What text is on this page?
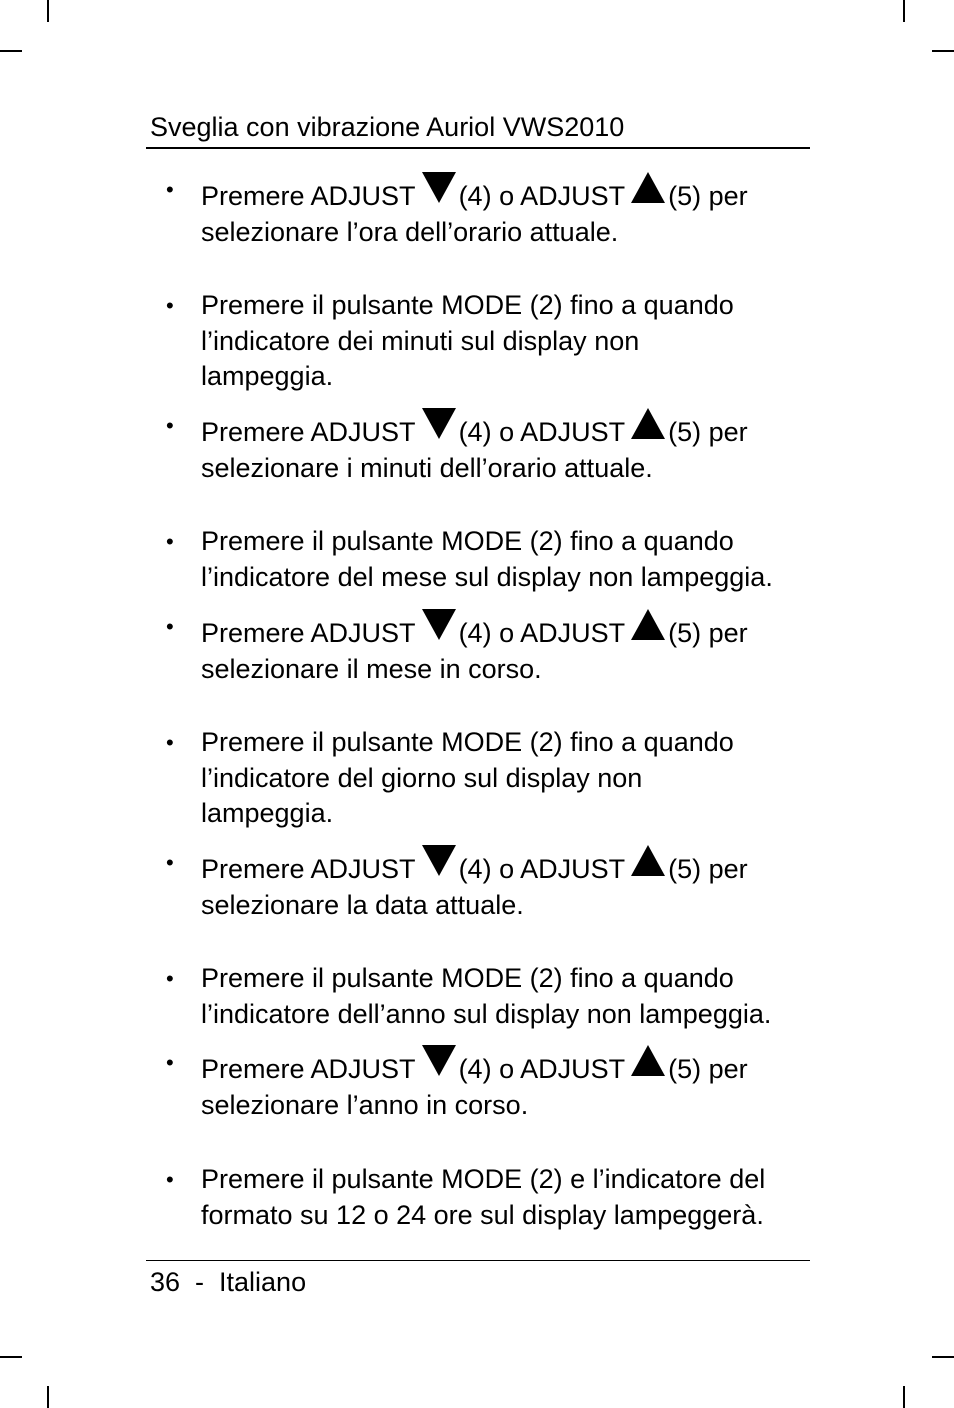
Sveglia con vibrazione Auriol VWS2010
• Premere ADJUST (4) o ADJUST (5) per
selezionare l’ora dell’orario attuale.
• Premere il pulsante MODE (2) fino a quando
l’indicatore dei minuti sul display non
lampeggia.
• Premere ADJUST (4) o ADJUST (5) per
selezionare i minuti dell’orario attuale.
• Premere il pulsante MODE (2) fino a quando
l’indicatore del mese sul display non lampeggia.
• Premere ADJUST (4) o ADJUST (5) per
selezionare il mese in corso.
• Premere il pulsante MODE (2) fino a quando
l’indicatore del giorno sul display non
lampeggia.
• Premere ADJUST (4) o ADJUST (5) per
selezionare la data attuale.
• Premere il pulsante MODE (2) fino a quando
l’indicatore dell’anno sul display non lampeggia.
• Premere ADJUST (4) o ADJUST (5) per
selezionare l’anno in corso.
• Premere il pulsante MODE (2) e l’indicatore del
formato su 12 o 24 ore sul display lampeggerà.
36  -  Italiano
